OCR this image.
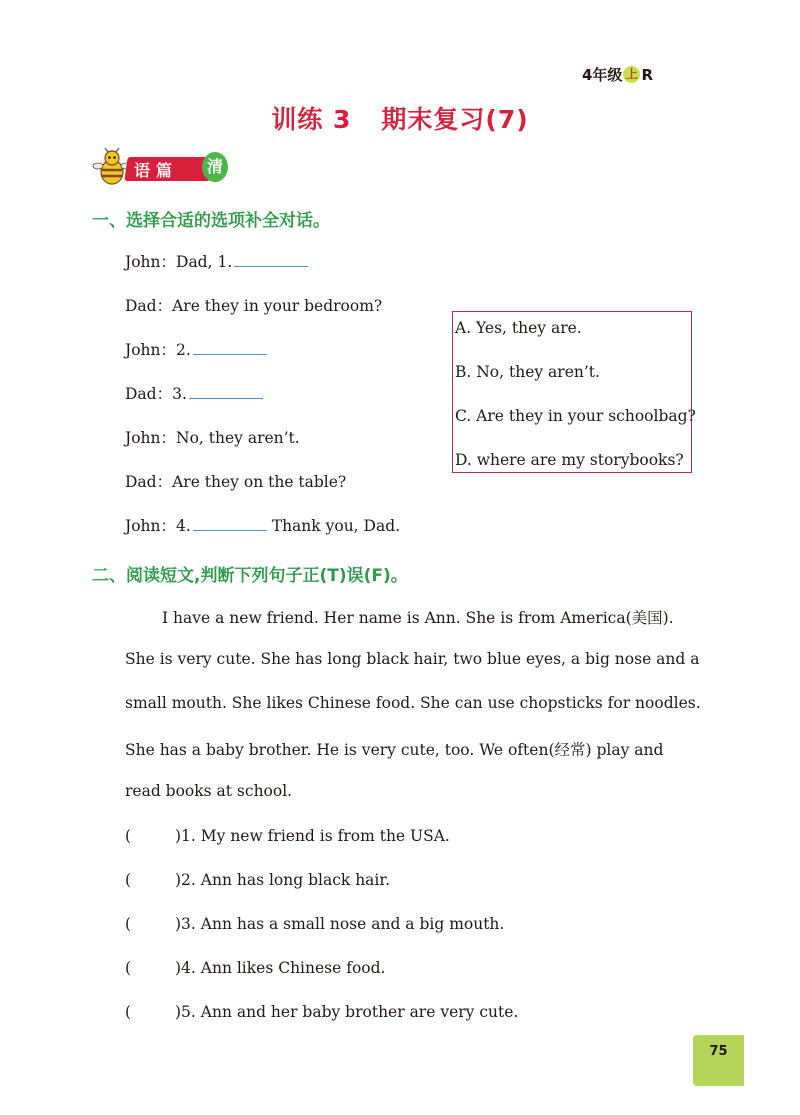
4年级 上 R
训练 3 期末复习(7)
语篇	清
一、选择合适的选项补全对话。
John：Dad, 1.
Dad：Are they in your bedroom?
John：2.
Dad：3.
John：No, they aren’t.
Dad：Are they on the table?
John：4.	Thank you, Dad.
A. Yes, they are.
B. No, they aren’t.
C. Are they in your schoolbag?
D. where are my storybooks?
二、阅读短文,判断下列句子正(T)误(F)。
I have a new friend. Her name is Ann. She is from America(美国).
She is very cute. She has long black hair, two blue eyes, a big nose and a
small mouth. She likes Chinese food. She can use chopsticks for noodles.
She has a baby brother. He is very cute, too. We often(经常) play and
read books at school.
(	)1. My new friend is from the USA.
(	)2. Ann has long black hair.
(	)3. Ann has a small nose and a big mouth.
(	)4. Ann likes Chinese food.
(	)5. Ann and her baby brother are very cute.
75
